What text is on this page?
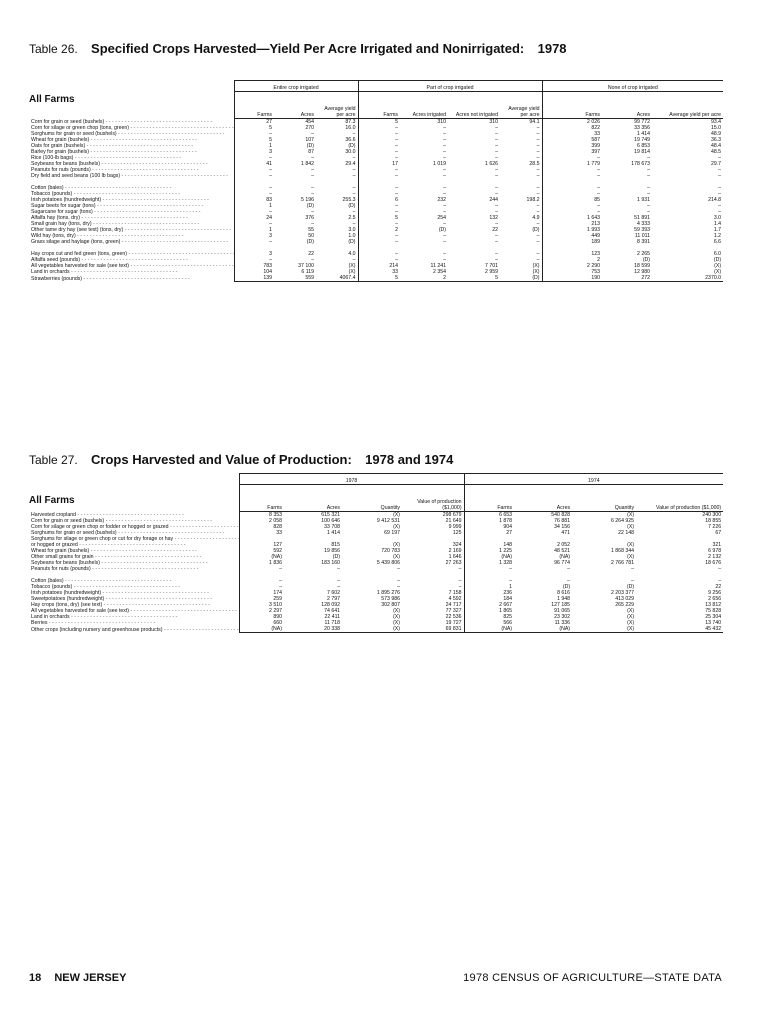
Table 26. Specified Crops Harvested—Yield Per Acre Irrigated and Nonirrigated: 1978
All Farms
	Entire crop irrigated			Part of crop irrigated				None of crop irrigated		
	Farms	Acres	Average yield per acre	Farms	Acres irrigated	Acres not irrigated	Average yield per acre	Farms	Acres	Average yield per acre
Corn for grain or seed (bushels) - - -	27	454	87.3	5	310	310	94.1	2 026	99 772	93.4
Corn for silage or green chop (tons, green) - - -	5	270	16.0	–	–	–	–	822	33 356	15.0
Sorghums for grain or seed (bushels) - - -	–	–	–	–	–	–	–	33	1 414	48.9
Wheat for grain (bushels) - - -	5	107	36.6	–	–	–	–	587	19 749	36.3
Oats for grain (bushels) - - -	1	(D)	(D)	–	–	–	–	399	6 853	48.4
Barley for grain (bushels) - - -	3	87	30.0	–	–	–	–	397	19 814	48.5
Rice (100-lb bags) - - -	–	–	–	–	–	–	–	–	–	–
Soybeans for beans (bushels) - - -	41	1 842	29.4	17	1 019	1 626	28.5	1 779	178 673	29.7
Peanuts for nuts (pounds) - - -	–	–	–	–	–	–	–	–	–	–
Dry field and seed beans (100 lb bags) - - -	–	–	–	–	–	–	–	–	–	–

Cotton (bales) - - -	–	–	–	–	–	–	–	–	–	–
Tobacco (pounds) - - -	–	–	–	–	–	–	–	–	–	–
Irish potatoes (hundredweight) - - -	83	5 196	255.3	6	232	244	198.2	85	1 931	214.8
Sugar beets for sugar (tons) - - -	1	(D)	(D)	–	–	–	–	–	–	–
Sugarcane for sugar (tons) - - -	–	–	–	–	–	–	–	–	–	–
Alfalfa hay (tons, dry) - - -	24	376	2.5	5	254	132	4.9	1 643	51 891	3.0
Small grain hay (tons, dry) - - -	–	–	–	–	–	–	–	213	4 333	1.4
Other tame dry hay (see text) (tons, dry) - - -	1	55	3.0	2	(D)	22	(D)	1 993	59 393	1.7
Wild hay (tons, dry) - - -	3	50	1.0	–	–	–	–	449	11 011	1.2
Grass silage and haylage (tons, green) - - -	–	(D)	(D)	–	–	–	–	189	8 391	6.6

Hay crops cut and fed green (tons, green) - - -	3	22	4.0	–	–	–	–	123	2 265	6.0
Alfalfa seed (pounds) - - -	–	–	–	–	–	–	–	2	(D)	(D)
All vegetables harvested for sale (see text) - - -	783	37 100	(X)	214	11 241	7 701	(X)	2 290	18 599	(X)
Land in orchards - - -	104	6 119	(X)	33	2 354	2 959	(X)	753	12 980	(X)
Strawberries (pounds) - - -	139	559	4067.4	5	2	5	(D)	190	272	2370.0
Table 27. Crops Harvested and Value of Production: 1978 and 1974
All Farms
	1978				1974			
	Farms	Acres	Quantity	Value of production ($1,000)	Farms	Acres	Quantity	Value of production ($1,000)
Harvested cropland - - -	8 353	615 321	(X)	298 679	6 653	540 828	(X)	240 300
Corn for grain or seed (bushels) - - -	2 058	100 646	9 412 531	21 649	1 878	76 881	6 264 925	18 855
Corn for silage or green chop or fodder or hogged or grazed - - -	828	33 708	(X)	9 999	904	34 156	(X)	7 226
Sorghums for grain or seed (bushels) - - -	33	1 414	69 197	125	27	471	22 148	67
Sorghums for silage or green chop or cut for dry forage or hay - - -								
or hogged or grazed - - -	127	815	(X)	324	148	2 052	(X)	321
Wheat for grain (bushels) - - -	592	19 856	720 783	2 169	1 225	48 521	1 868 344	6 978
Other small grains for grain - - -	(NA)	(D)	(X)	1 646	(NA)	(NA)	(X)	2 132
Soybeans for beans (bushels) - - -	1 836	183 160	5 439 806	27 263	1 328	96 774	2 766 781	18 676
Peanuts for nuts (pounds) - - -	–	–	–	–	–	–	–	–

Cotton (bales) - - -	–	–	–	–	–	–	–	–
Tobacco (pounds) - - -	–	–	–	–	1	(D)	(D)	22
Irish potatoes (hundredweight) - - -	174	7 602	1 895 276	7 158	236	8 616	2 203 377	9 256
Sweetpotatoes (hundredweight) - - -	259	2 797	573 986	4 592	184	1 948	413 029	2 656
Hay crops (tons, dry) (see text) - - -	3 510	128 092	302 807	24 717	2 667	127 185	265 229	13 812
All vegetables harvested for sale (see text) - - -	2 297	74 641	(X)	77 327	1 865	91 065	(X)	75 828
Land in orchards - - -	890	22 411	(X)	22 536	825	23 302	(X)	25 304
Berries - - -	660	11 718	(X)	19 727	566	11 336	(X)	13 740
Other crops (including nursery and greenhouse products) - - -	(NA)	20 338	(X)	69 831	(NA)	(NA)	(X)	45 432
18 NEW JERSEY	1978 CENSUS OF AGRICULTURE—STATE DATA
